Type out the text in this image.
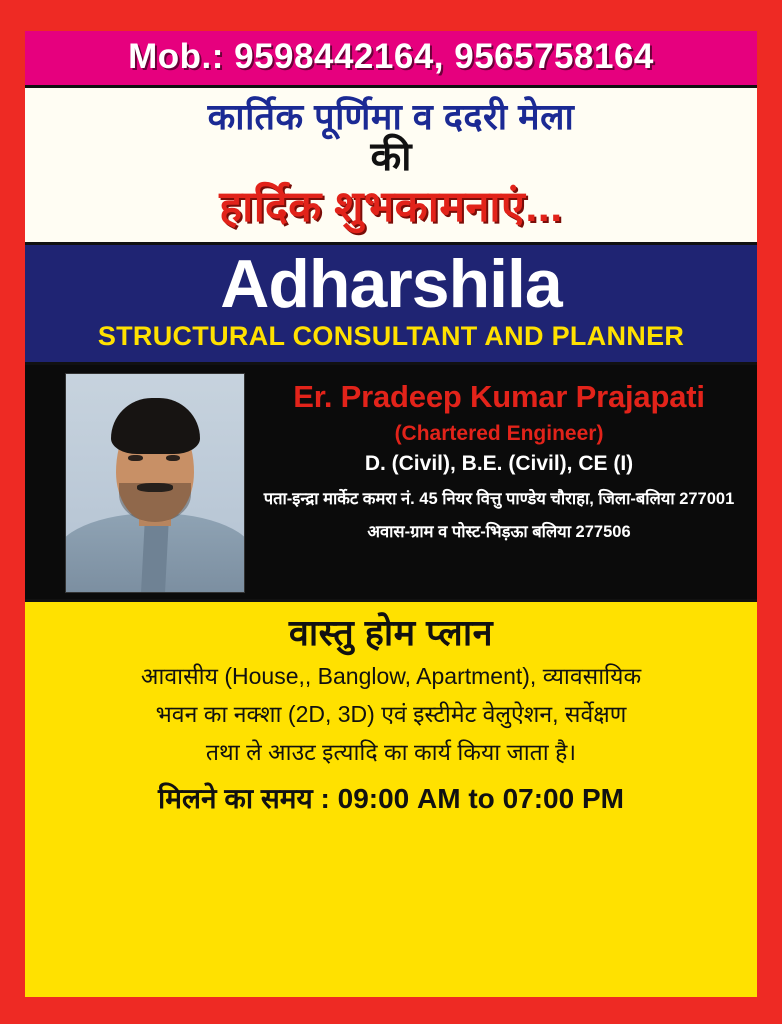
Mob.: 9598442164, 9565758164
कार्तिक पूर्णिमा व ददरी मेला
की
हार्दिक शुभकामनाएं...
Adharshila
STRUCTURAL CONSULTANT AND PLANNER
Er. Pradeep Kumar Prajapati
(Chartered Engineer)
D. (Civil), B.E. (Civil), CE (I)
पता-इन्द्रा मार्केट कमरा नं. 45 नियर वित्तु पाण्डेय चौराहा, जिला-बलिया 277001
अवास-ग्राम व पोस्ट-भिड़ऊा बलिया 277506
वास्तु होम प्लान
आवासीय (House,, Banglow, Apartment), व्यावसायिक
भवन का नक्शा (2D, 3D) एवं इस्टीमेट वेलुऐशन, सर्वेक्षण
तथा ले आउट इत्यादि का कार्य किया जाता है।
मिलने का समय : 09:00 AM to 07:00 PM
